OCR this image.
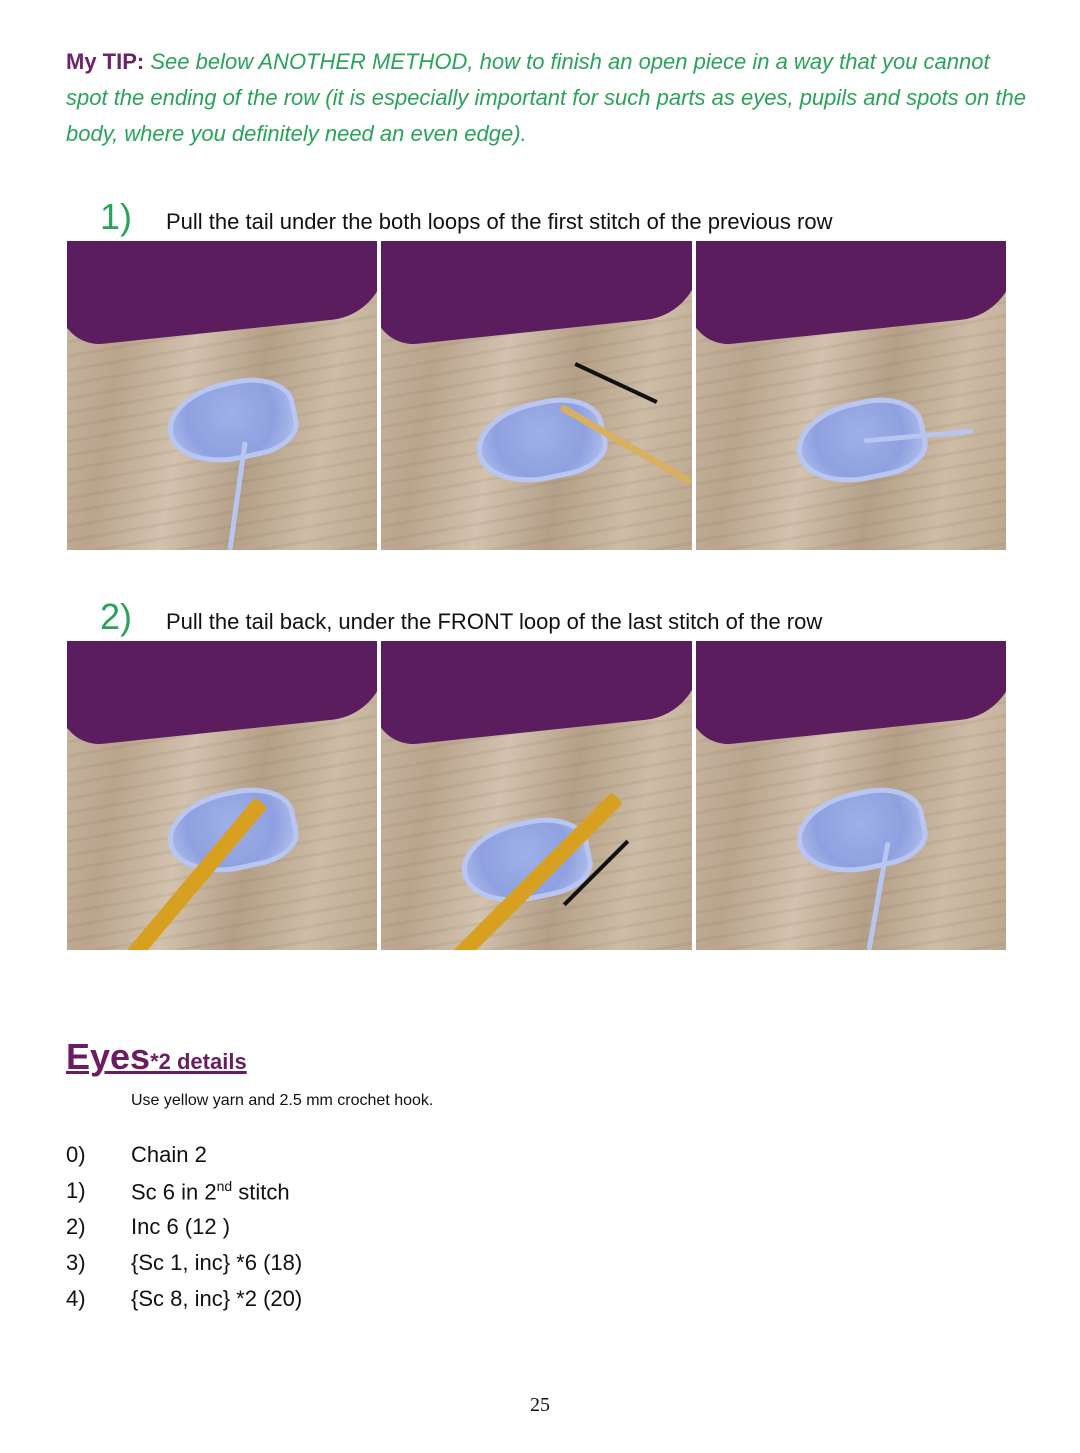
My TIP: See below ANOTHER METHOD, how to finish an open piece in a way that you cannot spot the ending of the row (it is especially important for such parts as eyes, pupils and spots on the body, where you definitely need an even edge).
1) Pull the tail under the both loops of the first stitch of the previous row
2) Pull the tail back, under the FRONT loop of the last stitch of the row
Eyes*2 details
Use yellow yarn and 2.5 mm crochet hook.
0)	Chain 2
1)	Sc 6 in 2nd stitch
2)	Inc 6 (12 )
3)	{Sc 1, inc} *6 (18)
4)	{Sc 8, inc} *2 (20)
25
